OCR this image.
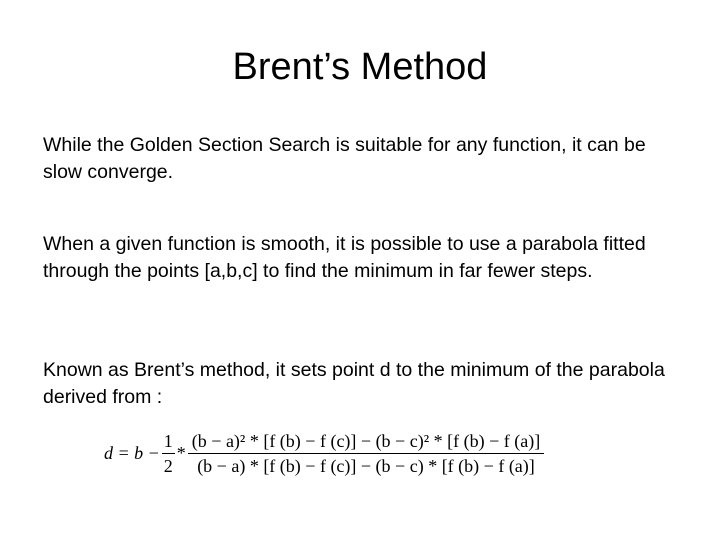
Brent’s Method

While the Golden Section Search is suitable for any function, it can be slow converge.

When a given function is smooth, it is possible to use a parabola fitted through the points [a,b,c] to find the minimum in far fewer steps.

Known as Brent’s method, it sets point d to the minimum of the parabola derived from :

$d = b - \frac{1}{2} * \frac{\text{(b − a)² * [f (b) − f (c)] − (b − c)² * [f (b) − f (a)]}}{(b - a) * [f (b) - f (c)] - (b - c) * [f (b) - f (a)]}$
